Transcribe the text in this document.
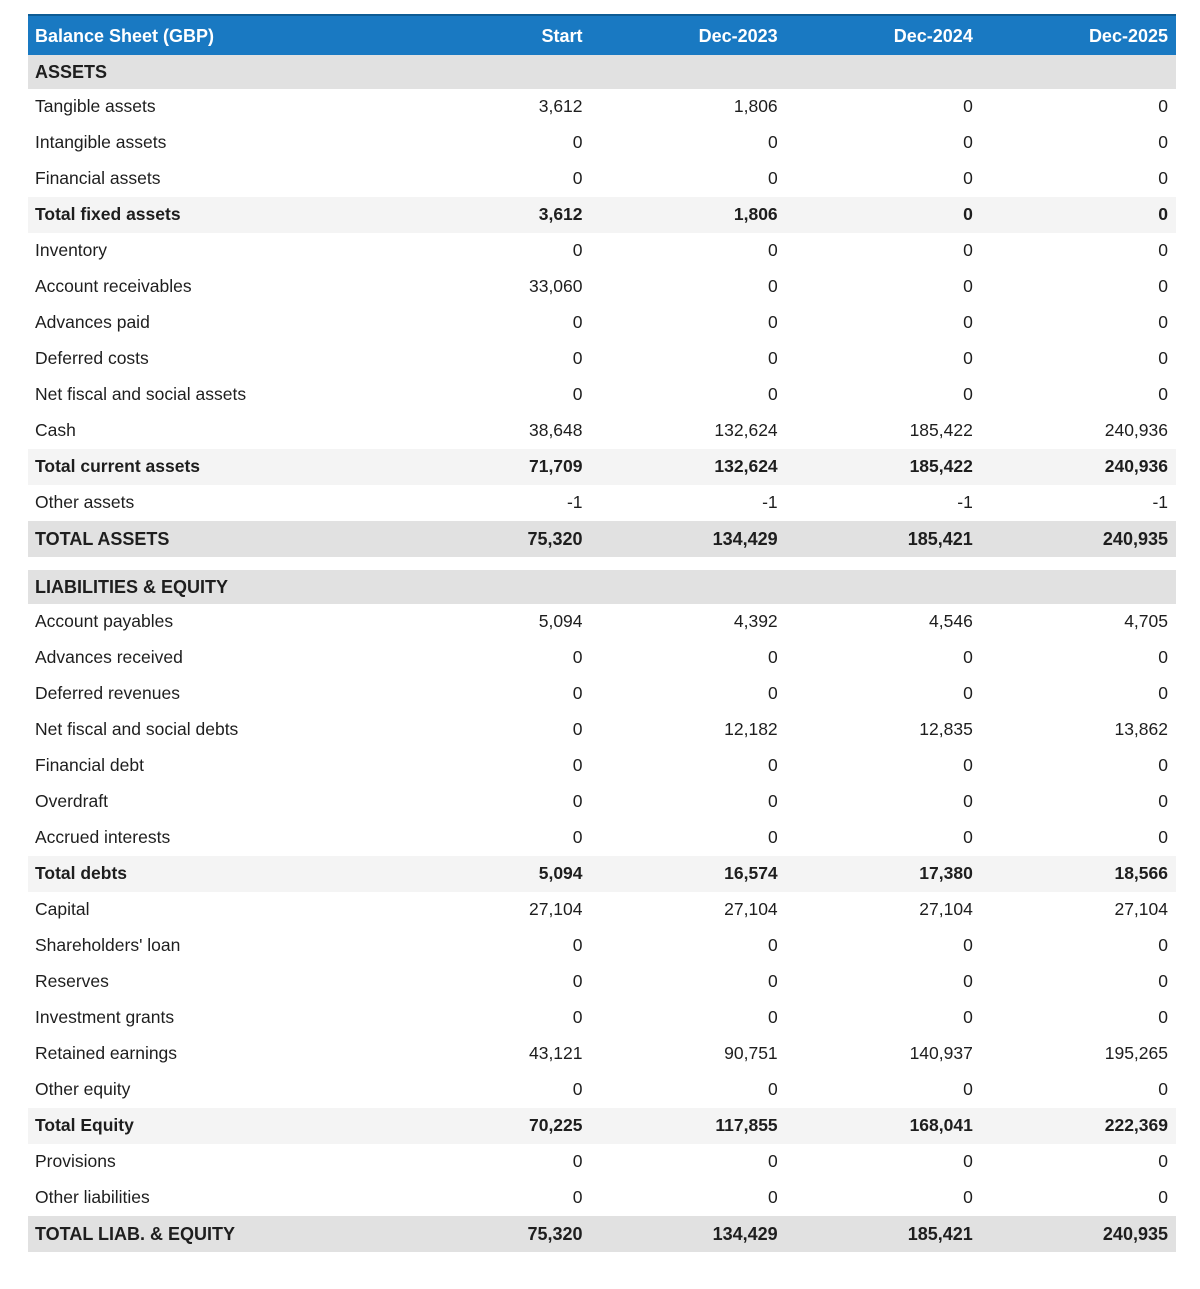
Balance Sheet (GBP)	Start	Dec-2023	Dec-2024	Dec-2025
ASSETS				
Tangible assets	3,612	1,806	0	0
Intangible assets	0	0	0	0
Financial assets	0	0	0	0
Total fixed assets	3,612	1,806	0	0
Inventory	0	0	0	0
Account receivables	33,060	0	0	0
Advances paid	0	0	0	0
Deferred costs	0	0	0	0
Net fiscal and social assets	0	0	0	0
Cash	38,648	132,624	185,422	240,936
Total current assets	71,709	132,624	185,422	240,936
Other assets	-1	-1	-1	-1
TOTAL ASSETS	75,320	134,429	185,421	240,935

LIABILITIES & EQUITY				
Account payables	5,094	4,392	4,546	4,705
Advances received	0	0	0	0
Deferred revenues	0	0	0	0
Net fiscal and social debts	0	12,182	12,835	13,862
Financial debt	0	0	0	0
Overdraft	0	0	0	0
Accrued interests	0	0	0	0
Total debts	5,094	16,574	17,380	18,566
Capital	27,104	27,104	27,104	27,104
Shareholders' loan	0	0	0	0
Reserves	0	0	0	0
Investment grants	0	0	0	0
Retained earnings	43,121	90,751	140,937	195,265
Other equity	0	0	0	0
Total Equity	70,225	117,855	168,041	222,369
Provisions	0	0	0	0
Other liabilities	0	0	0	0
TOTAL LIAB. & EQUITY	75,320	134,429	185,421	240,935
